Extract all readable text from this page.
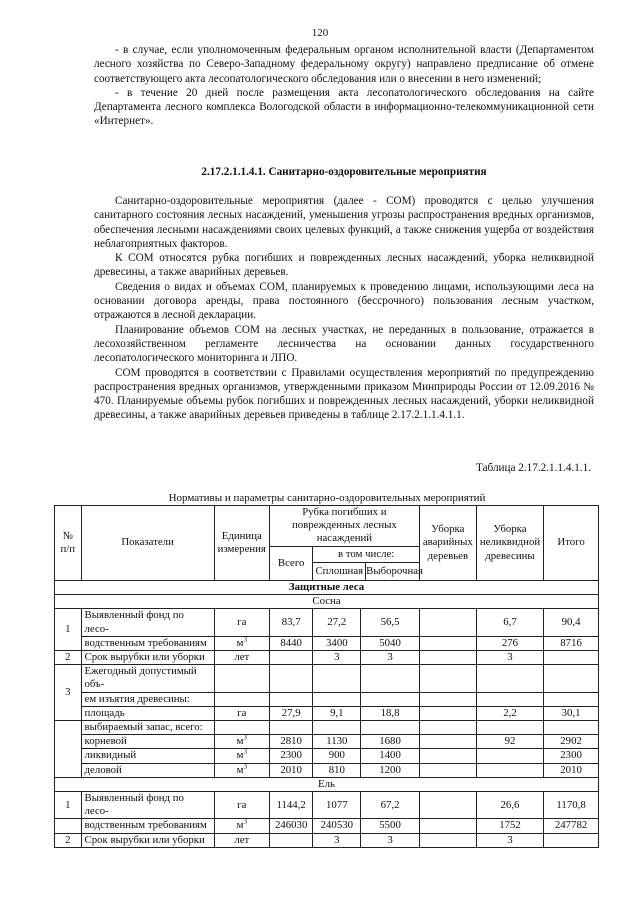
120

- в случае, если уполномоченным федеральным органом исполнительной власти (Департаментом лесного хозяйства по Северо-Западному федеральному округу) направлено предписание об отмене соответствующего акта лесопатологического обследования или о внесении в него изменений;

- в течение 20 дней после размещения акта лесопатологического обследования на сайте Департамента лесного комплекса Вологодской области в информационно-телекоммуникационной сети «Интернет».

2.17.2.1.1.4.1. Санитарно-оздоровительные мероприятия

Санитарно-оздоровительные мероприятия (далее - СОМ) проводятся с целью улучшения санитарного состояния лесных насаждений, уменьшения угрозы распространения вредных организмов, обеспечения лесными насаждениями своих целевых функций, а также снижения ущерба от воздействия неблагоприятных факторов.

К СОМ относятся рубка погибших и поврежденных лесных насаждений, уборка неликвидной древесины, а также аварийных деревьев.

Сведения о видах и объемах СОМ, планируемых к проведению лицами, использующими леса на основании договора аренды, права постоянного (бессрочного) пользования лесным участком, отражаются в лесной декларации.

Планирование объемов СОМ на лесных участках, не переданных в пользование, отражается в лесохозяйственном регламенте лесничества на основании данных государственного лесопатологического мониторинга и ЛПО.

СОМ проводятся в соответствии с Правилами осуществления мероприятий по предупреждению распространения вредных организмов, утвержденными приказом Минприроды России от 12.09.2016 № 470. Планируемые объемы рубок погибших и поврежденных лесных насаждений, уборки неликвидной древесины, а также аварийных деревьев приведены в таблице 2.17.2.1.1.4.1.1.

Таблица 2.17.2.1.1.4.1.1.
Нормативы и параметры санитарно-оздоровительных мероприятий
№ п/п	Показатели	Единица измерения	Рубка погибших и поврежденных лесных насаждений			Уборка аварийных деревьев	Уборка неликвидной древесины	Итого
			Всего	в том числе:
Сплошная Выборочная				

Защитные леса								
Сосна								
1	Выявленный фонд по лесо-	га	83,7	27,2	56,5		6,7	90,4
	водственным требованиям	$м^3$	8440	3400	5040		276	8716
2	Срок вырубки или уборки	лет		3	3		3	
3	Ежегодный допустимый объ-							
	ем изъятия древесины:							
	площадь	га	27,9	9,1	18,8		2,2	30,1
	выбираемый запас, всего:							
	корневой	$м^3$	2810	1130	1680		92	2902
	ликвидный	$м^3$	2300	900	1400			2300
	деловой	$м^3$	2010	810	1200			2010
Ель								
1	Выявленный фонд по лесо-	га	1144,2	1077	67,2		26,6	1170,8
	водственным требованиям	$м^3$	246030	240530	5500		1752	247782
2	Срок вырубки или уборки	лет		3	3		3	
